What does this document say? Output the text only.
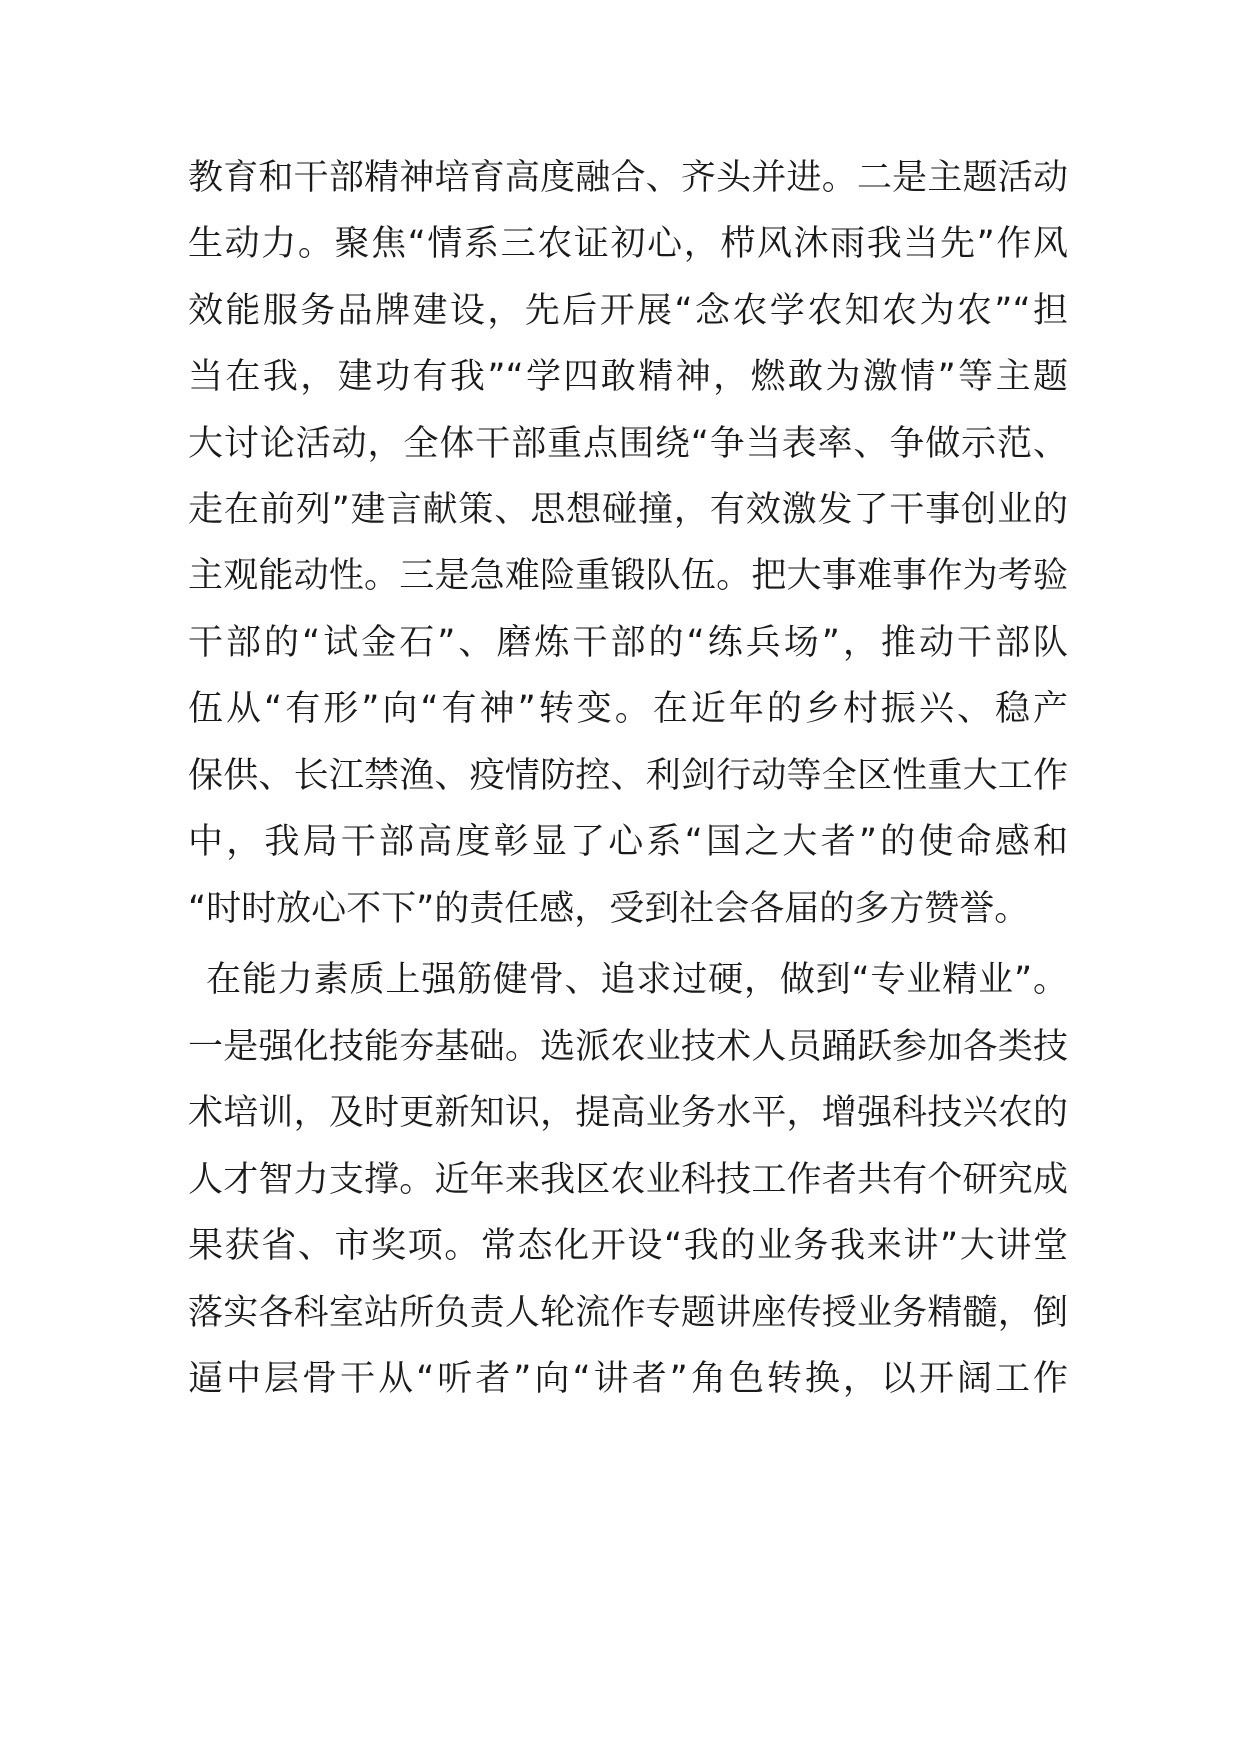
教育和干部精神培育高度融合、齐头并进。二是主题活动
生动力。聚焦“情系三农证初心，栉风沐雨我当先”作风
效能服务品牌建设，先后开展“念农学农知农为农”“担
当在我，建功有我”“学四敢精神，燃敢为激情”等主题
大讨论活动，全体干部重点围绕“争当表率、争做示范、
走在前列”建言献策、思想碰撞，有效激发了干事创业的
主观能动性。三是急难险重锻队伍。把大事难事作为考验
干部的“试金石”、磨炼干部的“练兵场”，推动干部队
伍从“有形”向“有神”转变。在近年的乡村振兴、稳产
保供、长江禁渔、疫情防控、利剑行动等全区性重大工作
中，我局干部高度彰显了心系“国之大者”的使命感和
“时时放心不下”的责任感，受到社会各届的多方赞誉。
在能力素质上强筋健骨、追求过硬，做到“专业精业”。
一是强化技能夯基础。选派农业技术人员踊跃参加各类技
术培训，及时更新知识，提高业务水平，增强科技兴农的
人才智力支撑。近年来我区农业科技工作者共有个研究成
果获省、市奖项。常态化开设“我的业务我来讲”大讲堂
落实各科室站所负责人轮流作专题讲座传授业务精髓，倒
逼中层骨干从“听者”向“讲者”角色转换，以开阔工作
